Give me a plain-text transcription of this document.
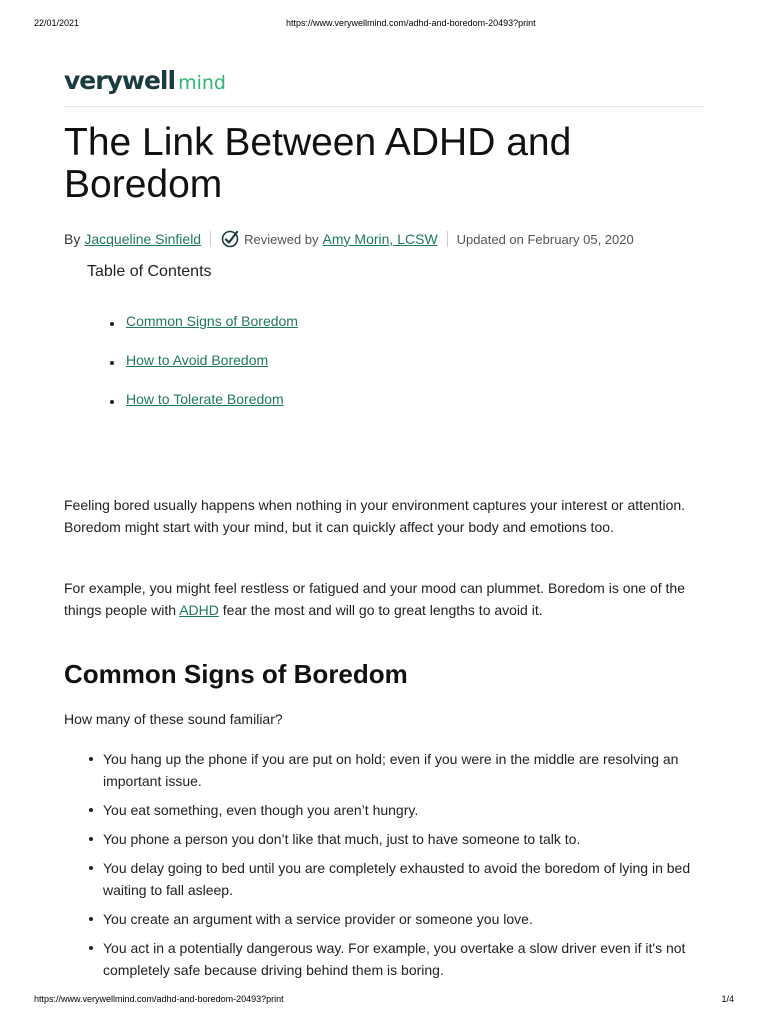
22/01/2021	https://www.verywellmind.com/adhd-and-boredom-20493?print
verywell mind
The Link Between ADHD and Boredom
By Jacqueline Sinfield	Reviewed by Amy Morin, LCSW Updated on February 05, 2020
Table of Contents
Common Signs of Boredom
How to Avoid Boredom
How to Tolerate Boredom

Feeling bored usually happens when nothing in your environment captures your interest or attention. Boredom might start with your mind, but it can quickly affect your body and emotions too.

For example, you might feel restless or fatigued and your mood can plummet. Boredom is one of the things people with ADHD fear the most and will go to great lengths to avoid it.

Common Signs of Boredom

How many of these sound familiar?

You hang up the phone if you are put on hold; even if you were in the middle are resolving an important issue.
You eat something, even though you aren’t hungry.
You phone a person you don’t like that much, just to have someone to talk to.
You delay going to bed until you are completely exhausted to avoid the boredom of lying in bed waiting to fall asleep.
You create an argument with a service provider or someone you love.
You act in a potentially dangerous way. For example, you overtake a slow driver even if it's not completely safe because driving behind them is boring.
https://www.verywellmind.com/adhd-and-boredom-20493?print	1/4
